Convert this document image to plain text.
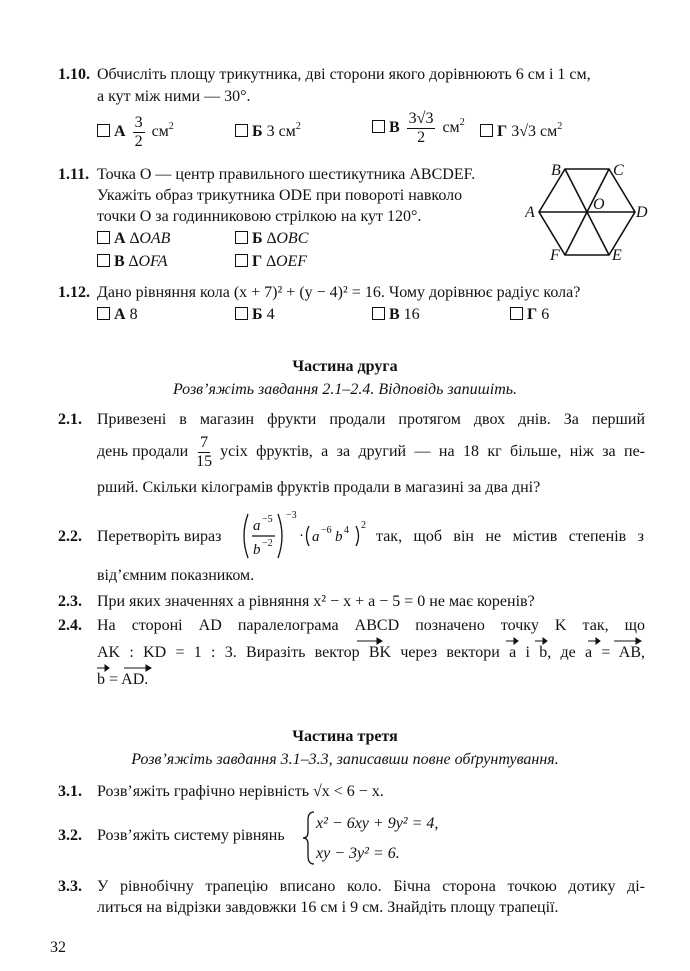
1.10. Обчисліть площу трикутника, дві сторони якого дорівнюють 6 см і 1 см,
а кут між ними — 30°.
А $\frac{3}{2} см^2$	Б 3 $см^2$	В $\frac{3√3}{2} см^2$
Г 3√3 $см^2$
1.11. Точка O — центр правильного шестикутника ABCDEF.
Укажіть образ трикутника ODE при повороті навколо
точки O за годинниковою стрілкою на кут 120°.
А ∆OAB	Б ∆OBC
В ∆OFA	Г ∆OEF
A
B	C
D
E
F
O
1.12. Дано рівняння кола (x + 7)² + (y − 4)² = 16. Чому дорівнює радіус кола?
А 8	Б 4	В 16	Г 6
Частина друга
Розв’яжіть завдання 2.1–2.4. Відповідь запишіть.
2.1. Привезені в магазин фрукти продали протягом двох днів. За перший
день продали $\frac{7}{15}$ усіх фруктів, а за другий — на 18 кг більше, ніж за пе-
рший. Скільки кілограмів фруктів продали в магазині за два дні?
2.2. Перетворіть вираз
a −5
b −2
−3
· a −6 b 4 2
так, щоб він не містив степенів з
від’ємним показником.
2.3. При яких значеннях a рівняння x² − x + a − 5 = 0 не має коренів?
2.4. На стороні AD паралелограма ABCD позначено точку K так, що
AK : KD = 1 : 3. Виразіть вектор BK через вектори a і b, де a = AB,
b = AD.
Частина третя
Розв’яжіть завдання 3.1–3.3, записавши повне обґрунтування.
3.1. Розв’яжіть графічно нерівність √x < 6 − x.
3.2. Розв’яжіть систему рівнянь
x² − 6xy + 9y² = 4,
xy − 3y² = 6.
3.3. У рівнобічну трапецію вписано коло. Бічна сторона точкою дотику ді-
литься на відрізки завдовжки 16 см і 9 см. Знайдіть площу трапеції.
32
